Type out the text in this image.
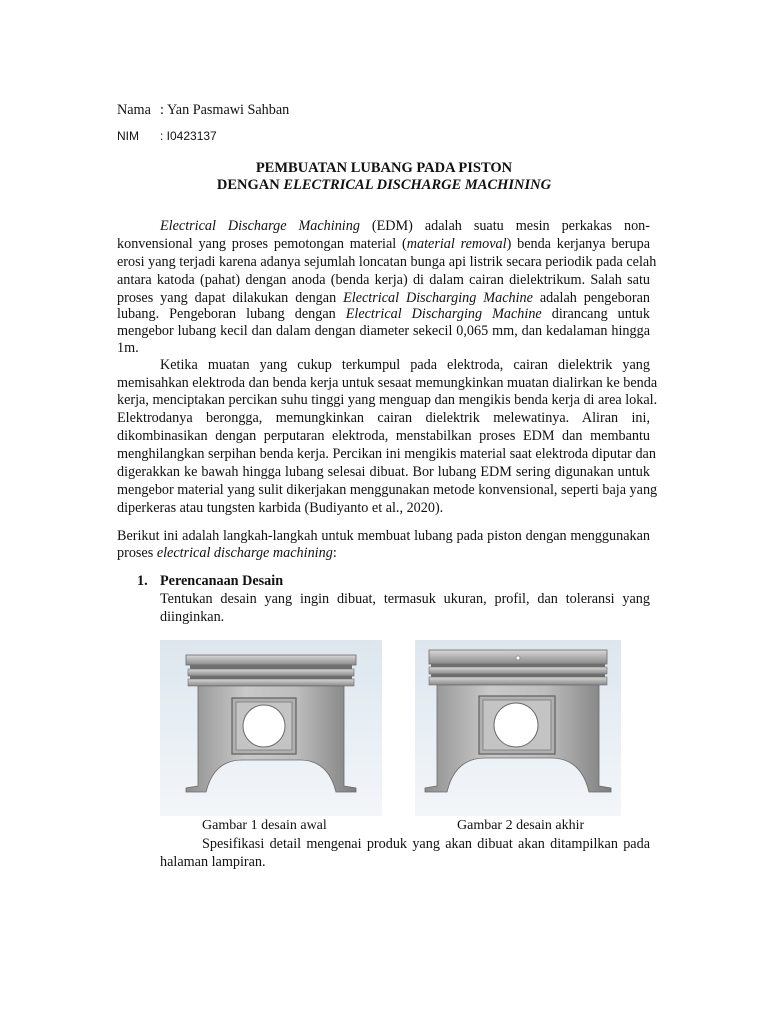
Nama : Yan Pasmawi Sahban
NIM : I0423137
PEMBUATAN LUBANG PADA PISTON
DENGAN ELECTRICAL DISCHARGE MACHINING
Electrical Discharge Machining (EDM) adalah suatu mesin perkakas non-
konvensional yang proses pemotongan material (material removal) benda kerjanya berupa
erosi yang terjadi karena adanya sejumlah loncatan bunga api listrik secara periodik pada celah
antara katoda (pahat) dengan anoda (benda kerja) di dalam cairan dielektrikum. Salah satu
proses yang dapat dilakukan dengan Electrical Discharging Machine adalah pengeboran
lubang. Pengeboran lubang dengan Electrical Discharging Machine dirancang untuk
mengebor lubang kecil dan dalam dengan diameter sekecil 0,065 mm, dan kedalaman hingga
1m.
Ketika muatan yang cukup terkumpul pada elektroda, cairan dielektrik yang
memisahkan elektroda dan benda kerja untuk sesaat memungkinkan muatan dialirkan ke benda
kerja, menciptakan percikan suhu tinggi yang menguap dan mengikis benda kerja di area lokal.
Elektrodanya berongga, memungkinkan cairan dielektrik melewatinya. Aliran ini,
dikombinasikan dengan perputaran elektroda, menstabilkan proses EDM dan membantu
menghilangkan serpihan benda kerja. Percikan ini mengikis material saat elektroda diputar dan
digerakkan ke bawah hingga lubang selesai dibuat. Bor lubang EDM sering digunakan untuk
mengebor material yang sulit dikerjakan menggunakan metode konvensional, seperti baja yang
diperkeras atau tungsten karbida (Budiyanto et al., 2020).
Berikut ini adalah langkah-langkah untuk membuat lubang pada piston dengan menggunakan
proses electrical discharge machining:
1. Perencanaan Desain
Tentukan desain yang ingin dibuat, termasuk ukuran, profil, dan toleransi yang
diinginkan.
Gambar 1 desain awal	Gambar 2 desain akhir
Spesifikasi detail mengenai produk yang akan dibuat akan ditampilkan pada
halaman lampiran.
